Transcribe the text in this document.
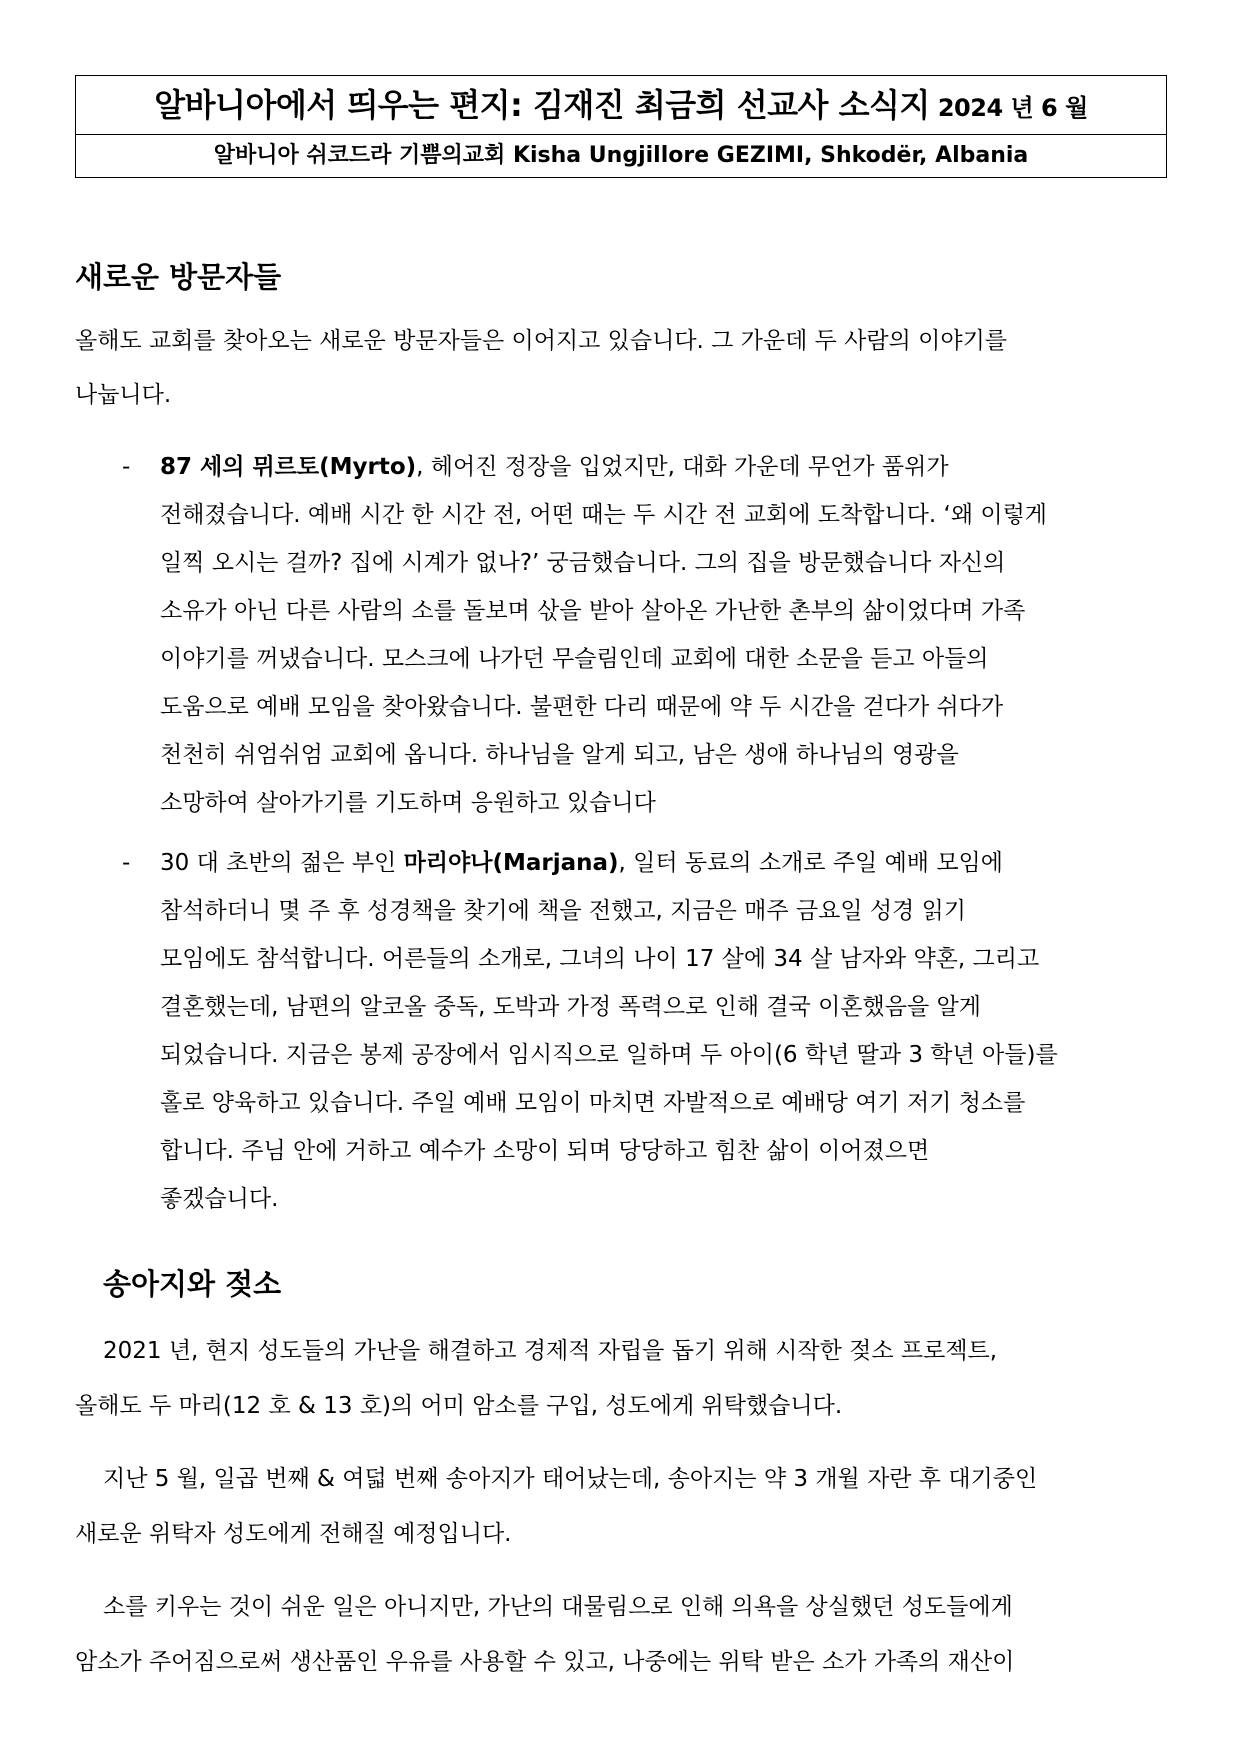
알바니아에서 띄우는 편지: 김재진 최금희 선교사 소식지 2024 년 6 월
알바니아 쉬코드라 기쁨의교회 Kisha Ungjillore GEZIMI, Shkodër, Albania
새로운 방문자들
올해도 교회를 찾아오는 새로운 방문자들은 이어지고 있습니다. 그 가운데 두 사람의 이야기를
나눕니다.
- 87 세의 뮈르토(Myrto), 헤어진 정장을 입었지만, 대화 가운데 무언가 품위가
전해졌습니다. 예배 시간 한 시간 전, 어떤 때는 두 시간 전 교회에 도착합니다. ‘왜 이렇게
일찍 오시는 걸까? 집에 시계가 없나?’ 궁금했습니다. 그의 집을 방문했습니다 자신의
소유가 아닌 다른 사람의 소를 돌보며 삯을 받아 살아온 가난한 촌부의 삶이었다며 가족
이야기를 꺼냈습니다. 모스크에 나가던 무슬림인데 교회에 대한 소문을 듣고 아들의
도움으로 예배 모임을 찾아왔습니다. 불편한 다리 때문에 약 두 시간을 걷다가 쉬다가
천천히 쉬엄쉬엄 교회에 옵니다. 하나님을 알게 되고, 남은 생애 하나님의 영광을
소망하여 살아가기를 기도하며 응원하고 있습니다
- 30 대 초반의 젊은 부인 마리야나(Marjana), 일터 동료의 소개로 주일 예배 모임에
참석하더니 몇 주 후 성경책을 찾기에 책을 전했고, 지금은 매주 금요일 성경 읽기
모임에도 참석합니다. 어른들의 소개로, 그녀의 나이 17 살에 34 살 남자와 약혼, 그리고
결혼했는데, 남편의 알코올 중독, 도박과 가정 폭력으로 인해 결국 이혼했음을 알게
되었습니다. 지금은 봉제 공장에서 임시직으로 일하며 두 아이(6 학년 딸과 3 학년 아들)를
홀로 양육하고 있습니다. 주일 예배 모임이 마치면 자발적으로 예배당 여기 저기 청소를
합니다. 주님 안에 거하고 예수가 소망이 되며 당당하고 힘찬 삶이 이어졌으면
좋겠습니다.
송아지와 젖소
2021 년, 현지 성도들의 가난을 해결하고 경제적 자립을 돕기 위해 시작한 젖소 프로젝트,
올해도 두 마리(12 호 & 13 호)의 어미 암소를 구입, 성도에게 위탁했습니다.
지난 5 월, 일곱 번째 & 여덟 번째 송아지가 태어났는데, 송아지는 약 3 개월 자란 후 대기중인
새로운 위탁자 성도에게 전해질 예정입니다.
소를 키우는 것이 쉬운 일은 아니지만, 가난의 대물림으로 인해 의욕을 상실했던 성도들에게
암소가 주어짐으로써 생산품인 우유를 사용할 수 있고, 나중에는 위탁 받은 소가 가족의 재산이
